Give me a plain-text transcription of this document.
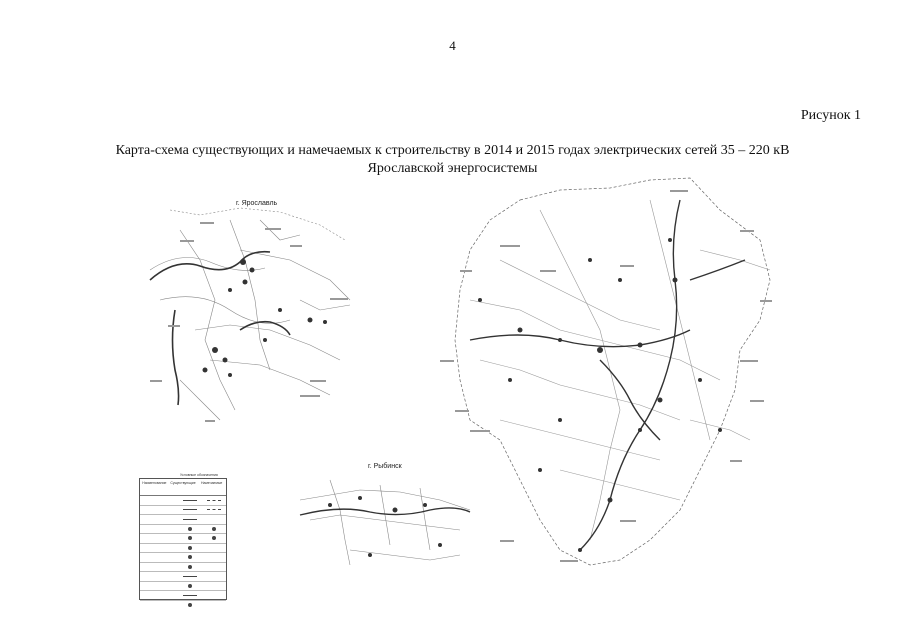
4
Рисунок 1
Карта-схема существующих и намечаемых к строительству в 2014 и 2015 годах электрических сетей 35 – 220 кВ
Ярославской энергосистемы
г. Ярославль
г. Рыбинск
Условные обозначения
Наименование	Существующие	Намечаемые
